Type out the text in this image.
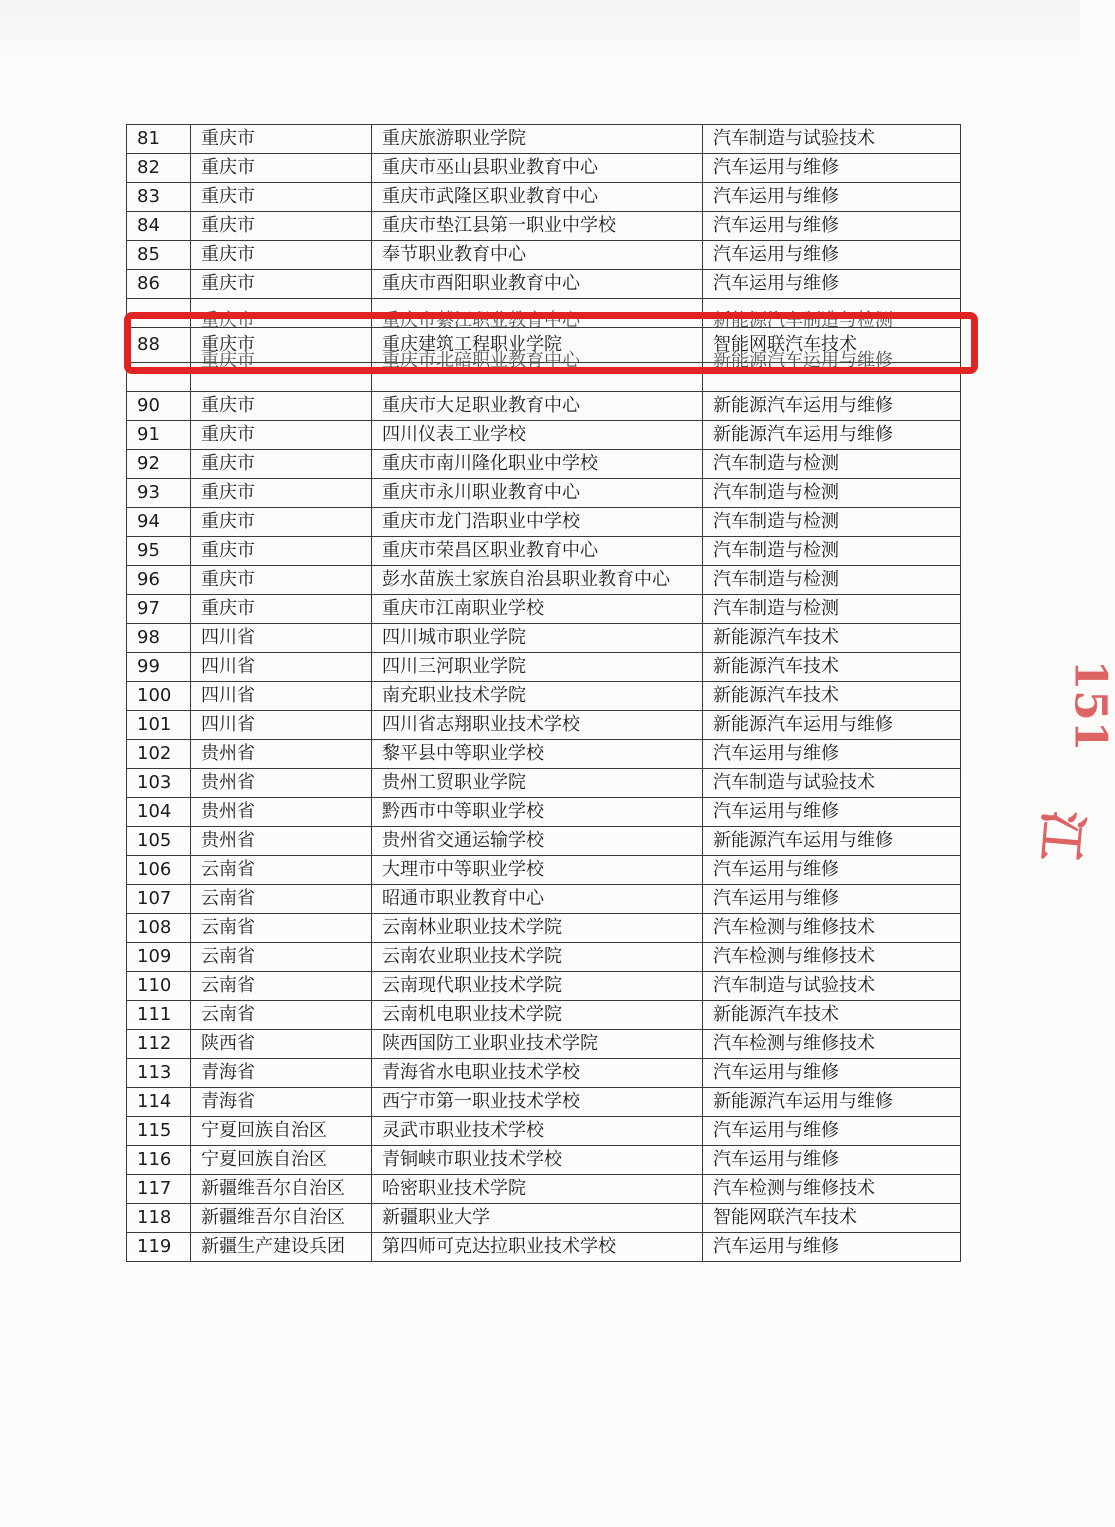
81	重庆市	重庆旅游职业学院	汽车制造与试验技术
82	重庆市	重庆市巫山县职业教育中心	汽车运用与维修
83	重庆市	重庆市武隆区职业教育中心	汽车运用与维修
84	重庆市	重庆市垫江县第一职业中学校	汽车运用与维修
85	重庆市	奉节职业教育中心	汽车运用与维修
86	重庆市	重庆市酉阳职业教育中心	汽车运用与维修
	重庆市	重庆市綦江职业教育中心	新能源汽车制造与检测
88	重庆市	重庆建筑工程职业学院	智能网联汽车技术
	重庆市	重庆市北碚职业教育中心	新能源汽车运用与维修
90	重庆市	重庆市大足职业教育中心	新能源汽车运用与维修
91	重庆市	四川仪表工业学校	新能源汽车运用与维修
92	重庆市	重庆市南川隆化职业中学校	汽车制造与检测
93	重庆市	重庆市永川职业教育中心	汽车制造与检测
94	重庆市	重庆市龙门浩职业中学校	汽车制造与检测
95	重庆市	重庆市荣昌区职业教育中心	汽车制造与检测
96	重庆市	彭水苗族土家族自治县职业教育中心	汽车制造与检测
97	重庆市	重庆市江南职业学校	汽车制造与检测
98	四川省	四川城市职业学院	新能源汽车技术
99	四川省	四川三河职业学院	新能源汽车技术
100	四川省	南充职业技术学院	新能源汽车技术
101	四川省	四川省志翔职业技术学校	新能源汽车运用与维修
102	贵州省	黎平县中等职业学校	汽车运用与维修
103	贵州省	贵州工贸职业学院	汽车制造与试验技术
104	贵州省	黔西市中等职业学校	汽车运用与维修
105	贵州省	贵州省交通运输学校	新能源汽车运用与维修
106	云南省	大理市中等职业学校	汽车运用与维修
107	云南省	昭通市职业教育中心	汽车运用与维修
108	云南省	云南林业职业技术学院	汽车检测与维修技术
109	云南省	云南农业职业技术学院	汽车检测与维修技术
110	云南省	云南现代职业技术学院	汽车制造与试验技术
111	云南省	云南机电职业技术学院	新能源汽车技术
112	陕西省	陕西国防工业职业技术学院	汽车检测与维修技术
113	青海省	青海省水电职业技术学校	汽车运用与维修
114	青海省	西宁市第一职业技术学校	新能源汽车运用与维修
115	宁夏回族自治区	灵武市职业技术学校	汽车运用与维修
116	宁夏回族自治区	青铜峡市职业技术学校	汽车运用与维修
117	新疆维吾尔自治区	哈密职业技术学院	汽车检测与维修技术
118	新疆维吾尔自治区	新疆职业大学	智能网联汽车技术
119	新疆生产建设兵团	第四师可克达拉职业技术学校	汽车运用与维修
151
江
